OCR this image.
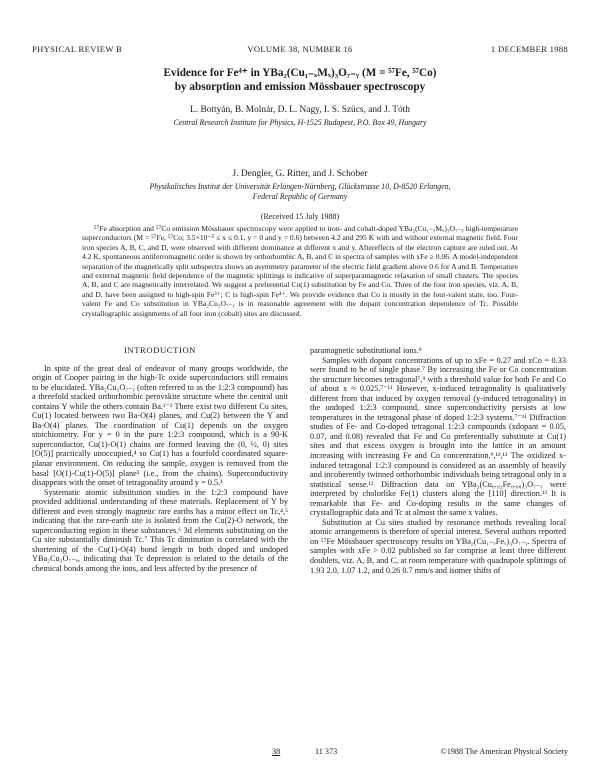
PHYSICAL REVIEW B	VOLUME 38, NUMBER 16	1 DECEMBER 1988
Evidence for Fe⁴⁺ in YBa₂(Cu₁₋ₓMₓ)₃O₇₋ᵧ (M = ⁵⁷Fe, ⁵⁷Co)
by absorption and emission Mössbauer spectroscopy
L. Bottyán, B. Molnár, D. L. Nagy, I. S. Szücs, and J. Tóth
Central Research Institute for Physics, H-1525 Budapest, P.O. Box 49, Hungary
J. Dengler, G. Ritter, and J. Schober
Physikalisches Institut der Universität Erlangen-Nürnberg, Glückstrasse 10, D-8520 Erlangen,
Federal Republic of Germany
(Received 15 July 1988)

⁵⁷Fe absorption and ⁵⁷Co emission Mössbauer spectroscopy were applied to iron- and cobalt-doped YBa₂(Cu₁₋ₓMₓ)₃O₇₋ᵧ high-temperature superconductors (M = ⁵⁷Fe, ⁵⁷Co; 3.5×10⁻⁵ ≤ x ≤ 0.1, y = 0 and y = 0.6) between 4.2 and 295 K with and without external magnetic field. Four iron species A, B, C, and D, were observed with different dominance at different x and y. Aftereffects of the electron capture are ruled out. At 4.2 K, spontaneous antiferromagnetic order is shown by orthorhombic A, B, and C in spectra of samples with xFe ≥ 0.06. A model-independent separation of the magnetically split subspectra shows an asymmetry parameter of the electric field gradient above 0.6 for A and B. Temperature and external magnetic field dependence of the magnetic splittings is indicative of superparamagnetic relaxation of small clusters. The species A, B, and C are magnetically interrelated. We suggest a preferential Cu(1) substitution by Fe and Co. Three of the four iron species, viz. A, B, and D, have been assigned to high-spin Fe³⁺; C is high-spin Fe⁴⁺. We provide evidence that Co is mostly in the four-valent state, too. Four-valent Fe and Co substitution in YBa₂Cu₃O₇₋ᵧ is in reasonable agreement with the dopant concentration dependence of Tc. Possible crystallographic assignments of all four iron (cobalt) sites are discussed.

INTRODUCTION

In spite of the great deal of endeavor of many groups worldwide, the origin of Cooper pairing in the high-Tc oxide superconductors still remains to be elucidated. YBa₂Cu₃O₇₋ᵧ (often referred to as the 1:2:3 compound) has a threefold stacked orthorhombic perovskite structure where the central unit contains Y while the others contain Ba.¹⁻³ There exist two different Cu sites, Cu(1) located between two Ba-O(4) planes, and Cu(2) between the Y and Ba-O(4) planes. The coordination of Cu(1) depends on the oxygen stoichiometry. For y = 0 in the pure 1:2:3 compound, which is a 90-K superconductor, Cu(1)-O(1) chains are formed leaving the (0, ½, 0) sites [O(5)] practically unoccupied,⁴ so Cu(1) has a fourfold coordinated square-planar environment. On reducing the sample, oxygen is removed from the basal [O(1)-Cu(1)-O(5)] plane³ (i.e., from the chains). Superconductivity disappears with the onset of tetragonality around y = 0.5.¹

Systematic atomic substitution studies in the 1:2:3 compound have provided additional understanding of these materials. Replacement of Y by different and even strongly magnetic rare earths has a minor effect on Tc,⁴,⁵ indicating that the rare-earth site is isolated from the Cu(2)-O network, the superconducting region in these substances.⁶ 3d elements substituting on the Cu site substantially diminish Tc.⁷ This Tc diminution is correlated with the shortening of the Cu(1)-O(4) bond length in both doped and undoped YBa₂Cu₃O₇₋ᵧ, indicating that Tc depression is related to the details of the chemical bonds among the ions, and less affected by the presence of

paramagnetic substitutional ions.⁸

Samples with dopant concentrations of up to xFe = 0.27 and xCo = 0.33 were found to be of single phase.⁷ By increasing the Fe or Co concentration the structure becomes tetragonal⁷,⁹ with a threshold value for both Fe and Co of about x ≈ 0.025.⁷⁻¹¹ However, x-induced tetragonality is qualitatively different from that induced by oxygen removal (y-induced tetragonality) in the undoped 1:2:3 compound, since superconductivity persists at low temperatures in the tetragonal phase of doped 1:2:3 systems.⁷⁻¹¹ Diffraction studies of Fe- and Co-doped tetragonal 1:2:3 compounds (xdopant = 0.05, 0.07, and 0.08) revealed that Fe and Co preferentially substitute at Cu(1) sites and that excess oxygen is brought into the lattice in an amount increasing with increasing Fe and Co concentration.⁹,¹²,¹³ The oxidized x-induced tetragonal 1:2:3 compound is considered as an assembly of heavily and incoherently twinned orthorhombic individuals being tetragonal only in a statistical sense.¹² Diffraction data on YBa₂(Cu₀.₉₂Fe₀.₀₈)₃O₇₋ᵧ were interpreted by cholorlike Fe(1) clusters along the [110] direction.¹³ It is remarkable that Fe- and Co-doping results in the same changes of crystallographic data and Tc at almost the same x values.

Substitution at Cu sites studied by resonance methods revealing local atomic arrangements is therefore of special interest. Several authors reported on ⁵⁷Fe Mössbauer spectroscopy results on YBa₂(Cu₁₋ₓFeₓ)₃O₇₋ᵧ. Spectra of samples with xFe > 0.02 published so far comprise at least three different doublets, viz. A, B, and C, at room temperature with quadrupole splittings of 1.93 2.0, 1.07 1.2, and 0.26 0.7 mm/s and isomer shifts of

38	11 373	©1988 The American Physical Society
